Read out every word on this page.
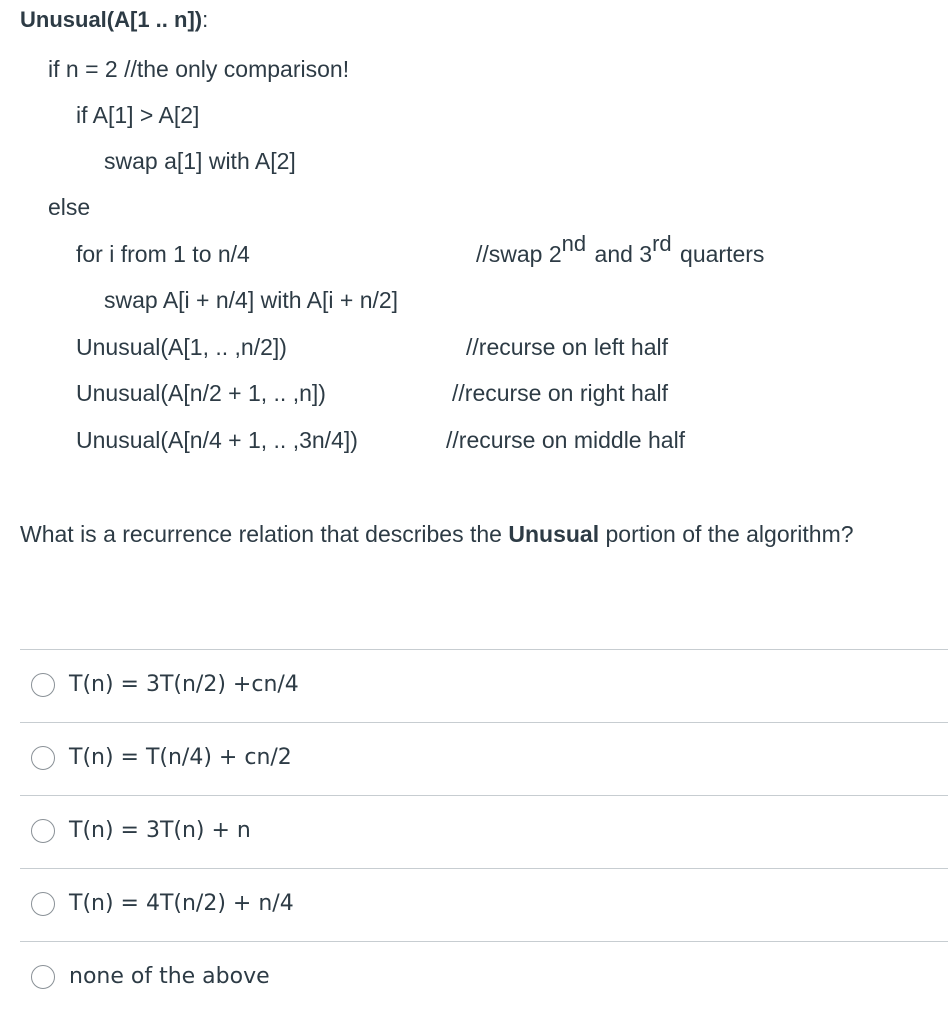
Unusual(A[1 .. n]):
if n = 2 //the only comparison!
if A[1] > A[2]
swap a[1] with A[2]
else
for i from 1 to n/4
swap A[i + n/4] with A[i + n/2]
Unusual(A[1, .. ,n/2])
Unusual(A[n/2 + 1, .. ,n])
Unusual(A[n/4 + 1, .. ,3n/4])
//swap 2nd and 3rd quarters
//recurse on left half
//recurse on right half
//recurse on middle half
What is a recurrence relation that describes the Unusual portion of the algorithm?
T(n) = 3T(n/2) +cn/4
T(n) = T(n/4) + cn/2
T(n) = 3T(n) + n
T(n) = 4T(n/2) + n/4
none of the above
